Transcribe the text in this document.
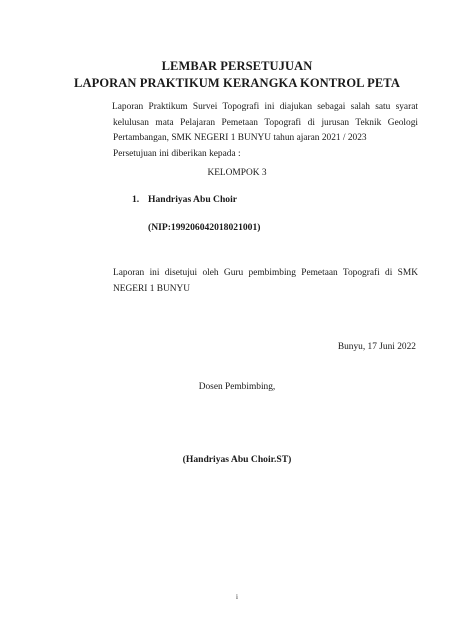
LEMBAR PERSETUJUAN
LAPORAN PRAKTIKUM KERANGKA KONTROL PETA
Laporan Praktikum Survei Topografi ini diajukan sebagai salah satu syarat kelulusan mata Pelajaran Pemetaan Topografi di jurusan Teknik Geologi Pertambangan, SMK NEGERI 1 BUNYU tahun ajaran 2021 / 2023
Persetujuan ini diberikan kepada :
KELOMPOK 3
1. Handriyas Abu Choir
(NIP:199206042018021001)
Laporan ini disetujui oleh Guru pembimbing Pemetaan Topografi di SMK NEGERI 1 BUNYU
Bunyu, 17 Juni 2022
Dosen Pembimbing,
(Handriyas Abu Choir.ST)
i
